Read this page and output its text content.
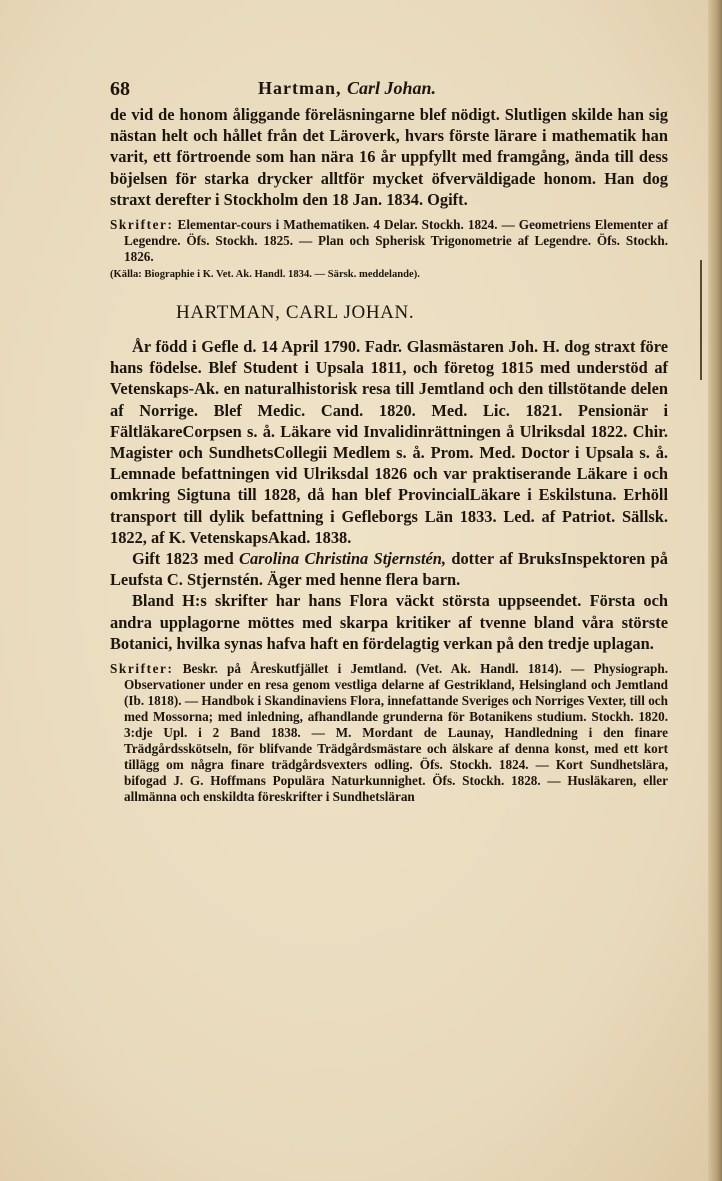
68	Hartman, Carl Johan.

de vid de honom åliggande föreläsningarne blef nödigt. Slutligen skilde han sig nästan helt och hållet från det Läroverk, hvars förste lärare i mathematik han varit, ett förtroende som han nära 16 år uppfyllt med framgång, ända till dess böjelsen för starka drycker alltför mycket öfverväldigade honom. Han dog straxt derefter i Stockholm den 18 Jan. 1834. Ogift.

Skrifter: Elementar-cours i Mathematiken. 4 Delar. Stockh. 1824. — Geometriens Elementer af Legendre. Öfs. Stockh. 1825. — Plan och Spherisk Trigonometrie af Legendre. Öfs. Stockh. 1826.

(Källa: Biographie i K. Vet. Ak. Handl. 1834. — Särsk. meddelande).

HARTMAN, CARL JOHAN.

År född i Gefle d. 14 April 1790. Fadr. Glasmästaren Joh. H. dog straxt före hans födelse. Blef Student i Upsala 1811, och företog 1815 med understöd af Vetenskaps-Ak. en naturalhistorisk resa till Jemtland och den tillstötande delen af Norrige. Blef Medic. Cand. 1820. Med. Lic. 1821. Pensionär i FältläkareCorpsen s. å. Läkare vid Invalidinrättningen å Ulriksdal 1822. Chir. Magister och SundhetsCollegii Medlem s. å. Prom. Med. Doctor i Upsala s. å. Lemnade befattningen vid Ulriksdal 1826 och var praktiserande Läkare i och omkring Sigtuna till 1828, då han blef ProvincialLäkare i Eskilstuna. Erhöll transport till dylik befattning i Gefleborgs Län 1833. Led. af Patriot. Sällsk. 1822, af K. VetenskapsAkad. 1838.

Gift 1823 med Carolina Christina Stjernstén, dotter af BruksInspektoren på Leufsta C. Stjernstén. Äger med henne flera barn.

Bland H:s skrifter har hans Flora väckt största uppseendet. Första och andra upplagorne möttes med skarpa kritiker af tvenne bland våra störste Botanici, hvilka synas hafva haft en fördelagtig verkan på den tredje uplagan.

Skrifter: Beskr. på Åreskutfjället i Jemtland. (Vet. Ak. Handl. 1814). — Physiograph. Observationer under en resa genom vestliga delarne af Gestrikland, Helsingland och Jemtland (Ib. 1818). — Handbok i Skandinaviens Flora, innefattande Sveriges och Norriges Vexter, till och med Mossorna; med inledning, afhandlande grunderna för Botanikens studium. Stockh. 1820. 3:dje Upl. i 2 Band 1838. — M. Mordant de Launay, Handledning i den finare Trädgårdsskötseln, för blifvande Trädgårdsmästare och älskare af denna konst, med ett kort tillägg om några finare trädgårdsvexters odling. Öfs. Stockh. 1824. — Kort Sundhetslära, bifogad J. G. Hoffmans Populära Naturkunnighet. Öfs. Stockh. 1828. — Husläkaren, eller allmänna och enskildta föreskrifter i Sundhetsläran
